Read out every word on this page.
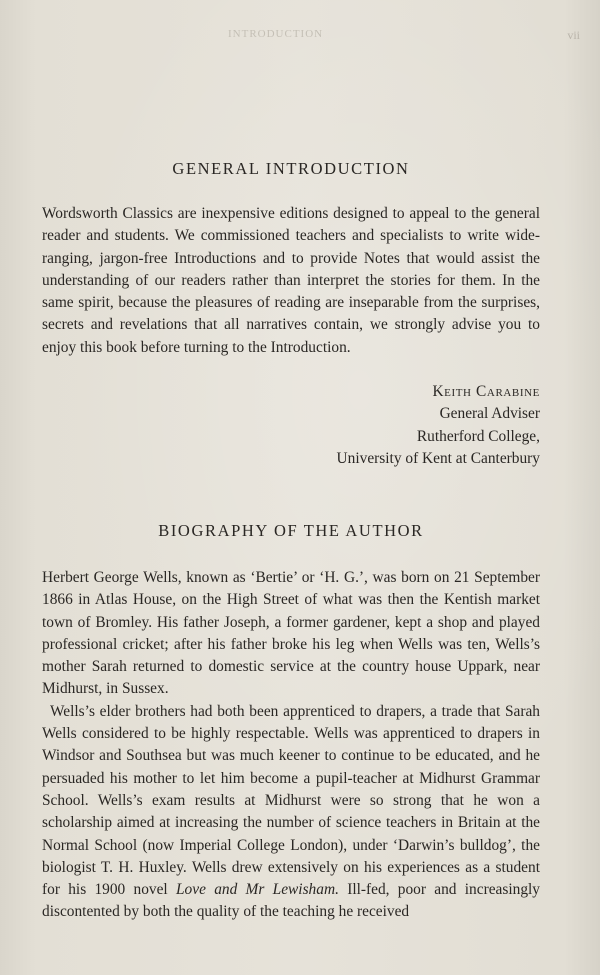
INTRODUCTION	vii
GENERAL INTRODUCTION

Wordsworth Classics are inexpensive editions designed to appeal to the general reader and students. We commissioned teachers and specialists to write wide-ranging, jargon-free Introductions and to provide Notes that would assist the understanding of our readers rather than interpret the stories for them. In the same spirit, because the pleasures of reading are inseparable from the surprises, secrets and revelations that all narratives contain, we strongly advise you to enjoy this book before turning to the Introduction.

Keith Carabine
General Adviser
Rutherford College,
University of Kent at Canterbury
BIOGRAPHY OF THE AUTHOR

Herbert George Wells, known as ‘Bertie’ or ‘H. G.’, was born on 21 September 1866 in Atlas House, on the High Street of what was then the Kentish market town of Bromley. His father Joseph, a former gardener, kept a shop and played professional cricket; after his father broke his leg when Wells was ten, Wells’s mother Sarah returned to domestic service at the country house Uppark, near Midhurst, in Sussex.

Wells’s elder brothers had both been apprenticed to drapers, a trade that Sarah Wells considered to be highly respectable. Wells was apprenticed to drapers in Windsor and Southsea but was much keener to continue to be educated, and he persuaded his mother to let him become a pupil-teacher at Midhurst Grammar School. Wells’s exam results at Midhurst were so strong that he won a scholarship aimed at increasing the number of science teachers in Britain at the Normal School (now Imperial College London), under ‘Darwin’s bulldog’, the biologist T. H. Huxley. Wells drew extensively on his experiences as a student for his 1900 novel Love and Mr Lewisham. Ill-fed, poor and increasingly discontented by both the quality of the teaching he received
